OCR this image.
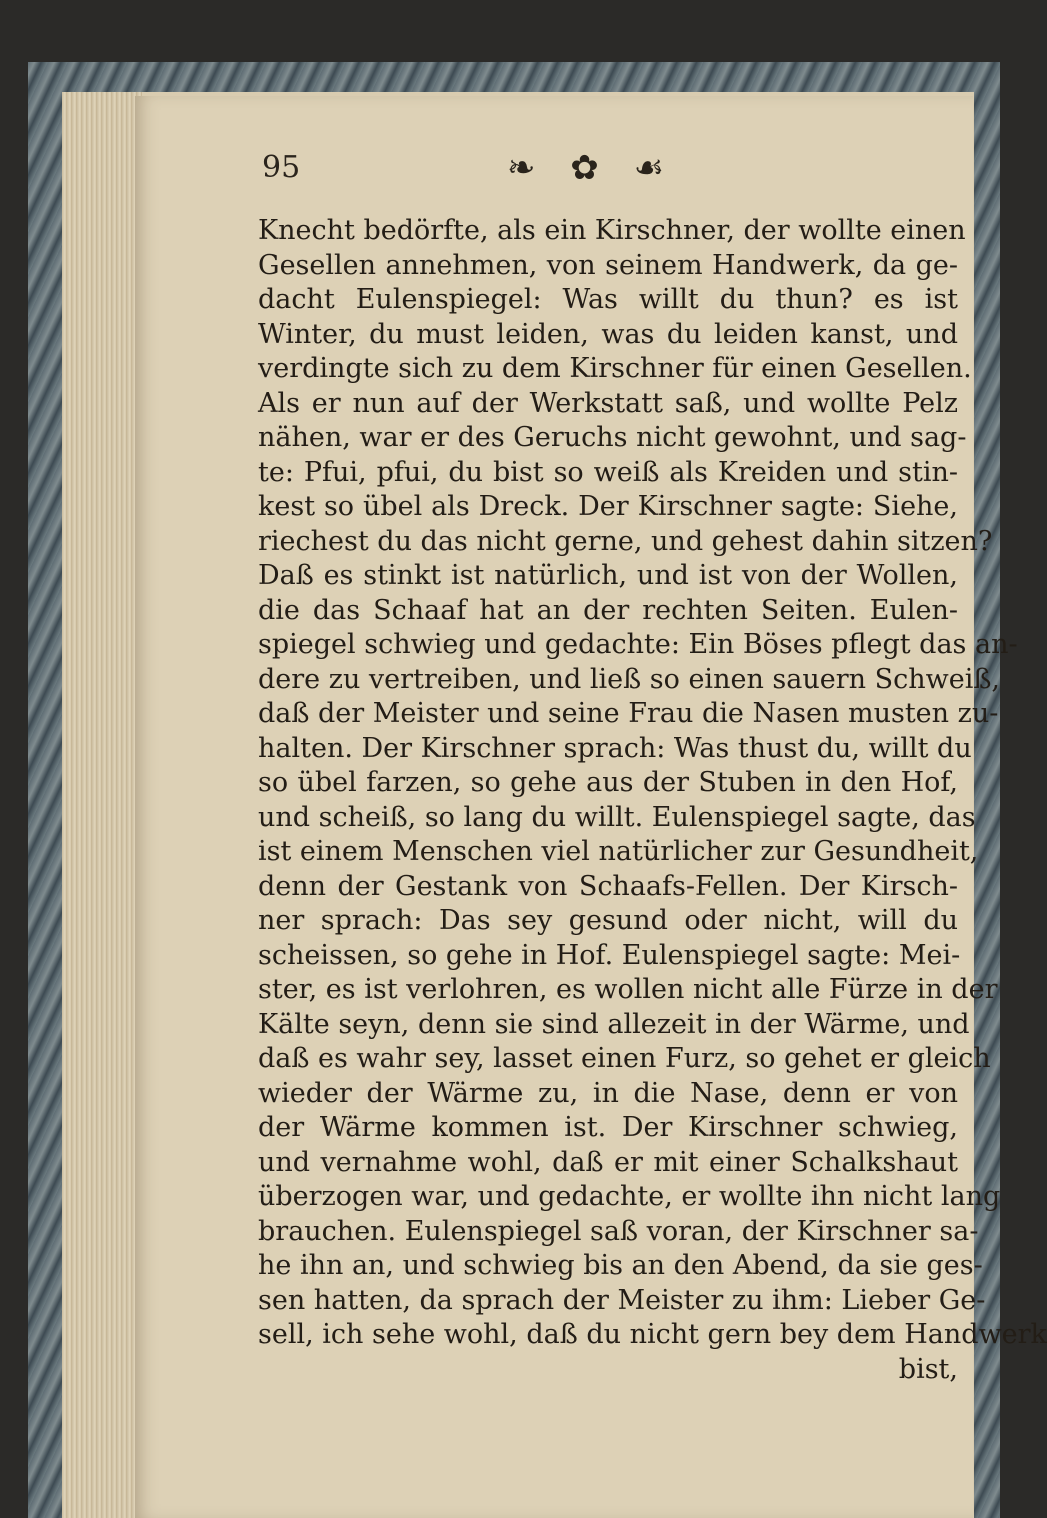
95	❧ ✿ ☙
Knecht bedörfte, als ein Kirschner, der wollte einen
Gesellen annehmen, von seinem Handwerk, da ge-
dacht Eulenspiegel: Was willt du thun? es ist
Winter, du must leiden, was du leiden kanst, und
verdingte sich zu dem Kirschner für einen Gesellen.
Als er nun auf der Werkstatt saß, und wollte Pelz
nähen, war er des Geruchs nicht gewohnt, und sag-
te: Pfui, pfui, du bist so weiß als Kreiden und stin-
kest so übel als Dreck. Der Kirschner sagte: Siehe,
riechest du das nicht gerne, und gehest dahin sitzen?
Daß es stinkt ist natürlich, und ist von der Wollen,
die das Schaaf hat an der rechten Seiten. Eulen-
spiegel schwieg und gedachte: Ein Böses pflegt das an-
dere zu vertreiben, und ließ so einen sauern Schweiß,
daß der Meister und seine Frau die Nasen musten zu-
halten. Der Kirschner sprach: Was thust du, willt du
so übel farzen, so gehe aus der Stuben in den Hof,
und scheiß, so lang du willt. Eulenspiegel sagte, das
ist einem Menschen viel natürlicher zur Gesundheit,
denn der Gestank von Schaafs-Fellen. Der Kirsch-
ner sprach: Das sey gesund oder nicht, will du
scheissen, so gehe in Hof. Eulenspiegel sagte: Mei-
ster, es ist verlohren, es wollen nicht alle Fürze in der
Kälte seyn, denn sie sind allezeit in der Wärme, und
daß es wahr sey, lasset einen Furz, so gehet er gleich
wieder der Wärme zu, in die Nase, denn er von
der Wärme kommen ist. Der Kirschner schwieg,
und vernahme wohl, daß er mit einer Schalkshaut
überzogen war, und gedachte, er wollte ihn nicht lang
brauchen. Eulenspiegel saß voran, der Kirschner sa-
he ihn an, und schwieg bis an den Abend, da sie ges-
sen hatten, da sprach der Meister zu ihm: Lieber Ge-
sell, ich sehe wohl, daß du nicht gern bey dem Handwerk
bist,
